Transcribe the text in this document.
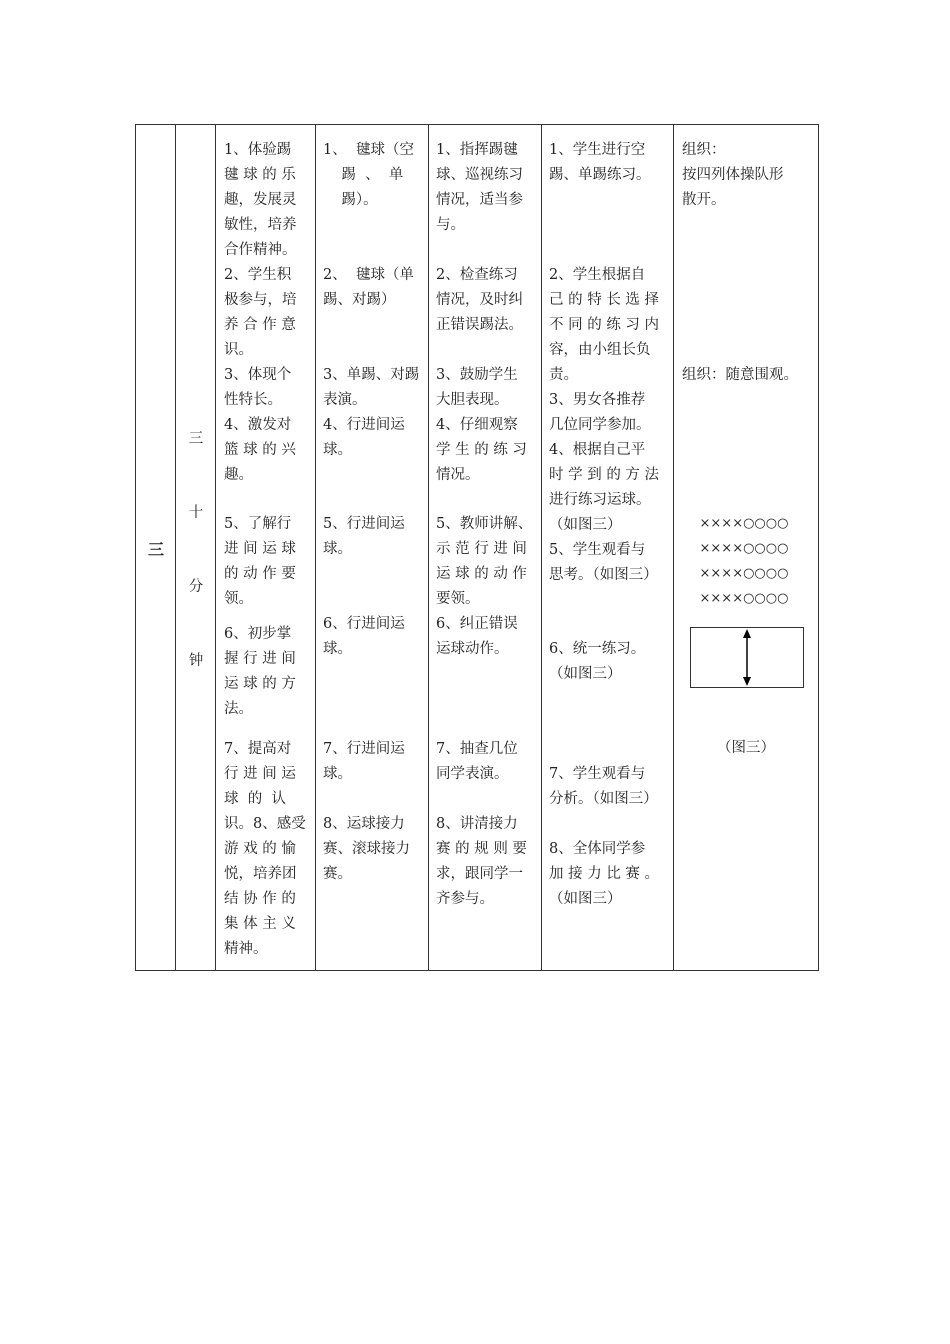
三
三
十
分
钟
1、体验踢
毽 球 的 乐
趣，发展灵
敏性，培养
合作精神。
2、学生积
极参与，培
养 合 作 意
识。
3、体现个
性特长。
4、激发对
篮 球 的 兴
趣。
5、了解行
进 间 运 球
的 动 作 要
领。
6、初步掌
握 行 进 间
运 球 的 方
法。
7、提高对
行 进 间 运
球  的  认
识。8、感受
游 戏 的 愉
悦，培养团
结 协 作 的
集 体 主 义
精神。
1、  毽球（空
踢  、  单
踢）。
2、  毽球（单
踢、对踢）
3、单踢、对踢
表演。
4、行进间运
球。
5、行进间运
球。
6、行进间运
球。
7、行进间运
球。

8、运球接力
赛、滚球接力
赛。
1、指挥踢毽
球、巡视练习
情况，适当参
与。
2、检查练习
情况，及时纠
正错误踢法。
3、鼓励学生
大胆表现。
4、仔细观察
学 生 的 练 习
情况。
5、教师讲解、
示 范 行 进 间
运 球 的 动 作
要领。
6、纠正错误
运球动作。
7、抽查几位
同学表演。

8、讲清接力
赛 的 规 则 要
求，跟同学一
齐参与。
1、学生进行空
踢、单踢练习。
2、学生根据自
己 的 特 长 选 择
不 同 的 练 习 内
容，由小组长负
责。
3、男女各推荐
几位同学参加。
4、根据自己平
时 学 到 的 方 法
进行练习运球。
（如图三）
5、学生观看与
思考。（如图三）
6、统一练习。
（如图三）
7、学生观看与
分析。（如图三）

8、全体同学参
加 接 力 比 赛 。
（如图三）
组织：
按四列体操队形
散开。
组织：随意围观。
××××○○○○
××××○○○○
××××○○○○
××××○○○○
（图三）
